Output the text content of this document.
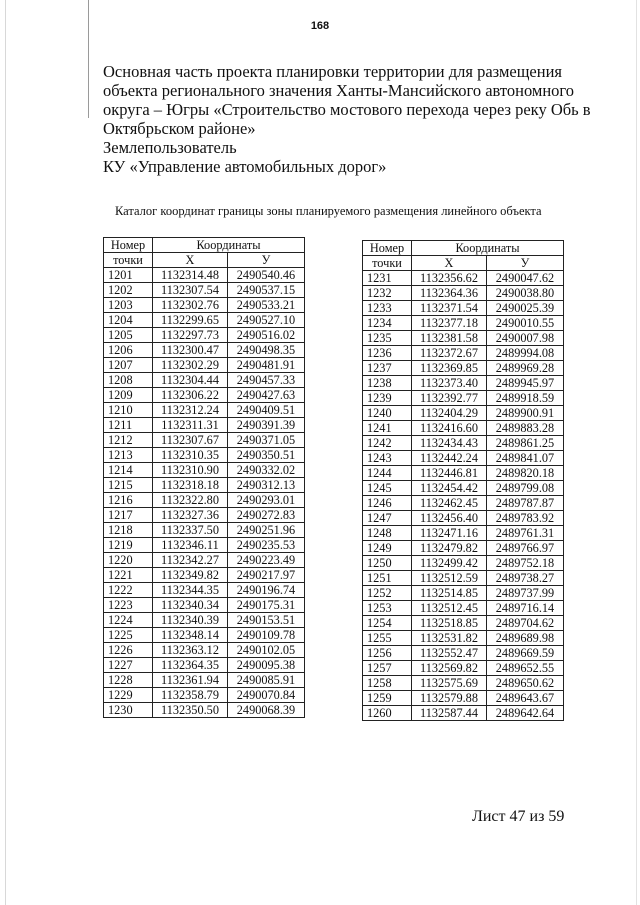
168
Основная часть проекта планировки территории для размещения
объекта регионального значения Ханты-Мансийского автономного
округа – Югры «Строительство мостового перехода через реку Обь в
Октябрьском районе»
Землепользователь
КУ «Управление автомобильных дорог»
Каталог координат границы зоны планируемого размещения линейного объекта
Номер	Координаты	
точки	X	У
1201	1132314.48	2490540.46
1202	1132307.54	2490537.15
1203	1132302.76	2490533.21
1204	1132299.65	2490527.10
1205	1132297.73	2490516.02
1206	1132300.47	2490498.35
1207	1132302.29	2490481.91
1208	1132304.44	2490457.33
1209	1132306.22	2490427.63
1210	1132312.24	2490409.51
1211	1132311.31	2490391.39
1212	1132307.67	2490371.05
1213	1132310.35	2490350.51
1214	1132310.90	2490332.02
1215	1132318.18	2490312.13
1216	1132322.80	2490293.01
1217	1132327.36	2490272.83
1218	1132337.50	2490251.96
1219	1132346.11	2490235.53
1220	1132342.27	2490223.49
1221	1132349.82	2490217.97
1222	1132344.35	2490196.74
1223	1132340.34	2490175.31
1224	1132340.39	2490153.51
1225	1132348.14	2490109.78
1226	1132363.12	2490102.05
1227	1132364.35	2490095.38
1228	1132361.94	2490085.91
1229	1132358.79	2490070.84
1230	1132350.50	2490068.39
Номер	Координаты	
точки	X	У
1231	1132356.62	2490047.62
1232	1132364.36	2490038.80
1233	1132371.54	2490025.39
1234	1132377.18	2490010.55
1235	1132381.58	2490007.98
1236	1132372.67	2489994.08
1237	1132369.85	2489969.28
1238	1132373.40	2489945.97
1239	1132392.77	2489918.59
1240	1132404.29	2489900.91
1241	1132416.60	2489883.28
1242	1132434.43	2489861.25
1243	1132442.24	2489841.07
1244	1132446.81	2489820.18
1245	1132454.42	2489799.08
1246	1132462.45	2489787.87
1247	1132456.40	2489783.92
1248	1132471.16	2489761.31
1249	1132479.82	2489766.97
1250	1132499.42	2489752.18
1251	1132512.59	2489738.27
1252	1132514.85	2489737.99
1253	1132512.45	2489716.14
1254	1132518.85	2489704.62
1255	1132531.82	2489689.98
1256	1132552.47	2489669.59
1257	1132569.82	2489652.55
1258	1132575.69	2489650.62
1259	1132579.88	2489643.67
1260	1132587.44	2489642.64
Лист 47 из 59
